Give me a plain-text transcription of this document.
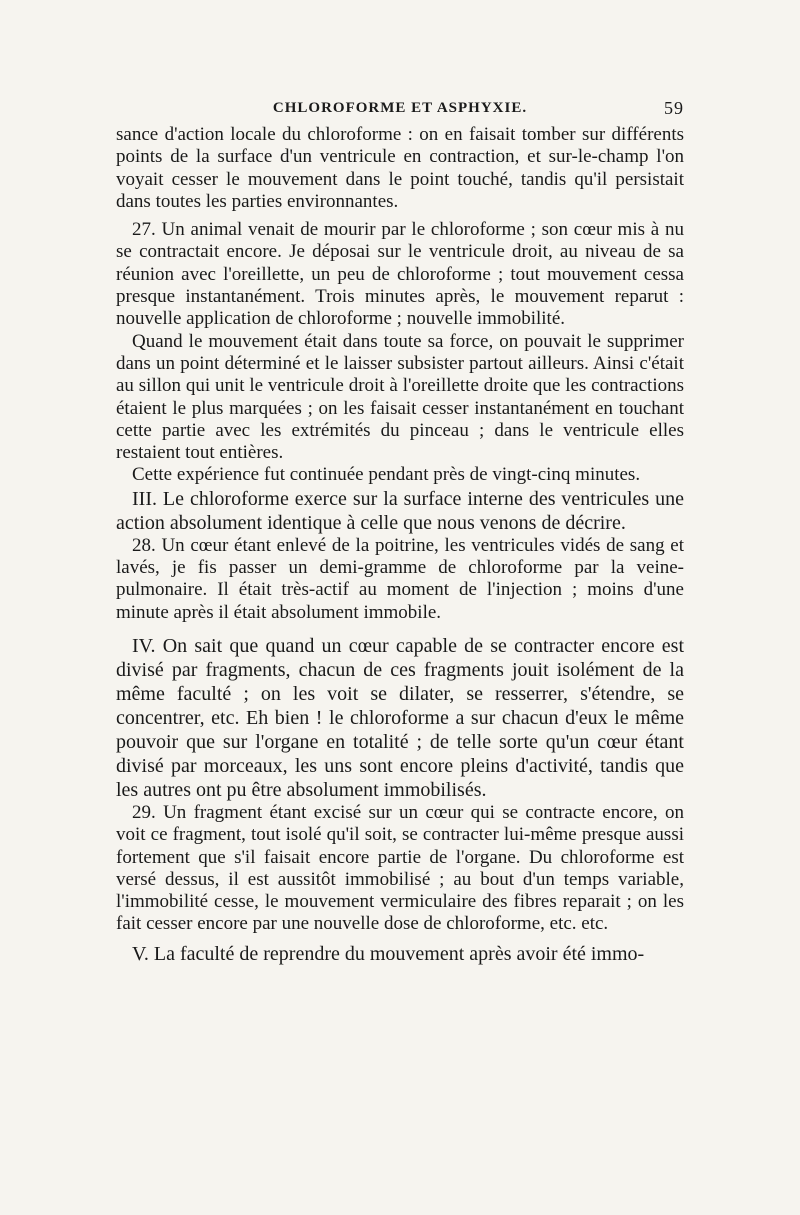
CHLOROFORME ET ASPHYXIE.	59

sance d'action locale du chloroforme : on en faisait tomber sur différents points de la surface d'un ventricule en contraction, et sur-le-champ l'on voyait cesser le mouvement dans le point touché, tandis qu'il persistait dans toutes les parties environnantes.

27. Un animal venait de mourir par le chloroforme ; son cœur mis à nu se contractait encore. Je déposai sur le ventricule droit, au niveau de sa réunion avec l'oreillette, un peu de chloroforme ; tout mouvement cessa presque instantanément. Trois minutes après, le mouvement reparut : nouvelle application de chloroforme ; nouvelle immobilité.

Quand le mouvement était dans toute sa force, on pouvait le supprimer dans un point déterminé et le laisser subsister partout ailleurs. Ainsi c'était au sillon qui unit le ventricule droit à l'oreillette droite que les contractions étaient le plus marquées ; on les faisait cesser instantanément en touchant cette partie avec les extrémités du pinceau ; dans le ventricule elles restaient tout entières.

Cette expérience fut continuée pendant près de vingt-cinq minutes.

III. Le chloroforme exerce sur la surface interne des ventricules une action absolument identique à celle que nous venons de décrire.

28. Un cœur étant enlevé de la poitrine, les ventricules vidés de sang et lavés, je fis passer un demi-gramme de chloroforme par la veine-pulmonaire. Il était très-actif au moment de l'injection ; moins d'une minute après il était absolument immobile.

IV. On sait que quand un cœur capable de se contracter encore est divisé par fragments, chacun de ces fragments jouit isolément de la même faculté ; on les voit se dilater, se resserrer, s'étendre, se concentrer, etc. Eh bien ! le chloroforme a sur chacun d'eux le même pouvoir que sur l'organe en totalité ; de telle sorte qu'un cœur étant divisé par morceaux, les uns sont encore pleins d'activité, tandis que les autres ont pu être absolument immobilisés.

29. Un fragment étant excisé sur un cœur qui se contracte encore, on voit ce fragment, tout isolé qu'il soit, se contracter lui-même presque aussi fortement que s'il faisait encore partie de l'organe. Du chloroforme est versé dessus, il est aussitôt immobilisé ; au bout d'un temps variable, l'immobilité cesse, le mouvement vermiculaire des fibres reparait ; on les fait cesser encore par une nouvelle dose de chloroforme, etc. etc.

V. La faculté de reprendre du mouvement après avoir été immo-
